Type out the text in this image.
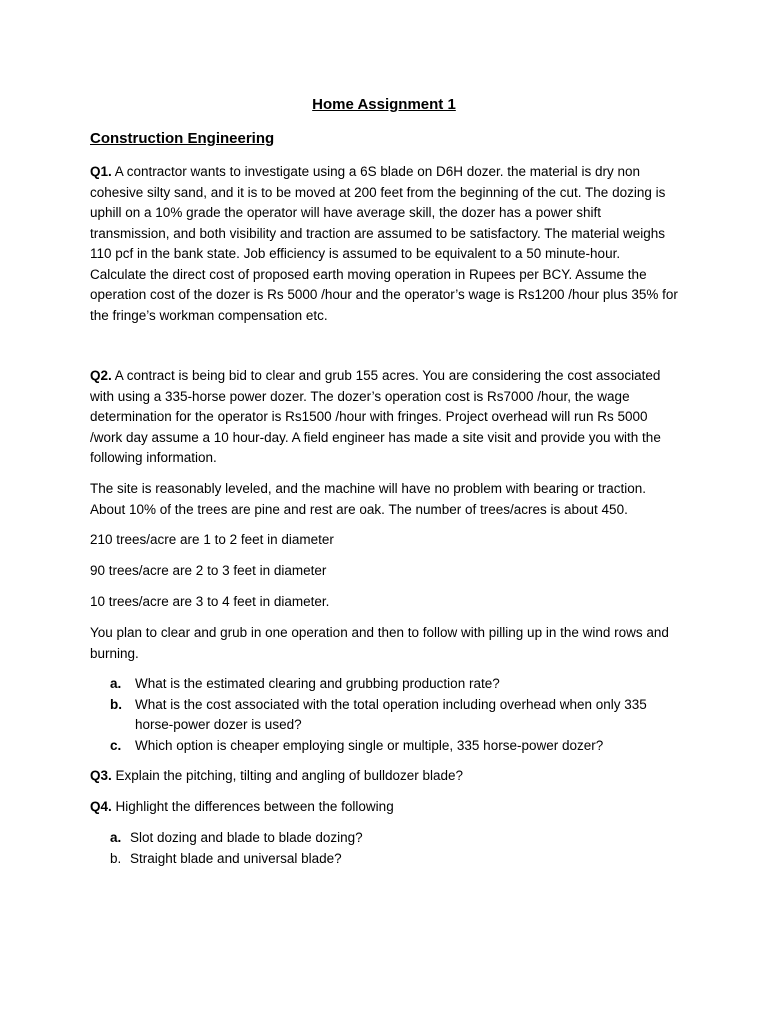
Home Assignment 1
Construction Engineering

Q1. A contractor wants to investigate using a 6S blade on D6H dozer. the material is dry non cohesive silty sand, and it is to be moved at 200 feet from the beginning of the cut. The dozing is uphill on a 10% grade the operator will have average skill, the dozer has a power shift transmission, and both visibility and traction are assumed to be satisfactory. The material weighs 110 pcf in the bank state. Job efficiency is assumed to be equivalent to a 50 minute-hour. Calculate the direct cost of proposed earth moving operation in Rupees per BCY. Assume the operation cost of the dozer is Rs 5000 /hour and the operator’s wage is Rs1200 /hour plus 35% for the fringe’s workman compensation etc.

Q2. A contract is being bid to clear and grub 155 acres. You are considering the cost associated with using a 335-horse power dozer. The dozer’s operation cost is Rs7000 /hour, the wage determination for the operator is Rs1500 /hour with fringes. Project overhead will run Rs 5000 /work day assume a 10 hour-day. A field engineer has made a site visit and provide you with the following information.

The site is reasonably leveled, and the machine will have no problem with bearing or traction. About 10% of the trees are pine and rest are oak. The number of trees/acres is about 450.

210 trees/acre are 1 to 2 feet in diameter

90 trees/acre are 2 to 3 feet in diameter

10 trees/acre are 3 to 4 feet in diameter.

You plan to clear and grub in one operation and then to follow with pilling up in the wind rows and burning.

a. What is the estimated clearing and grubbing production rate?
b. What is the cost associated with the total operation including overhead when only 335 horse-power dozer is used?
c. Which option is cheaper employing single or multiple, 335 horse-power dozer?

Q3. Explain the pitching, tilting and angling of bulldozer blade?

Q4. Highlight the differences between the following

a. Slot dozing and blade to blade dozing?
b. Straight blade and universal blade?
